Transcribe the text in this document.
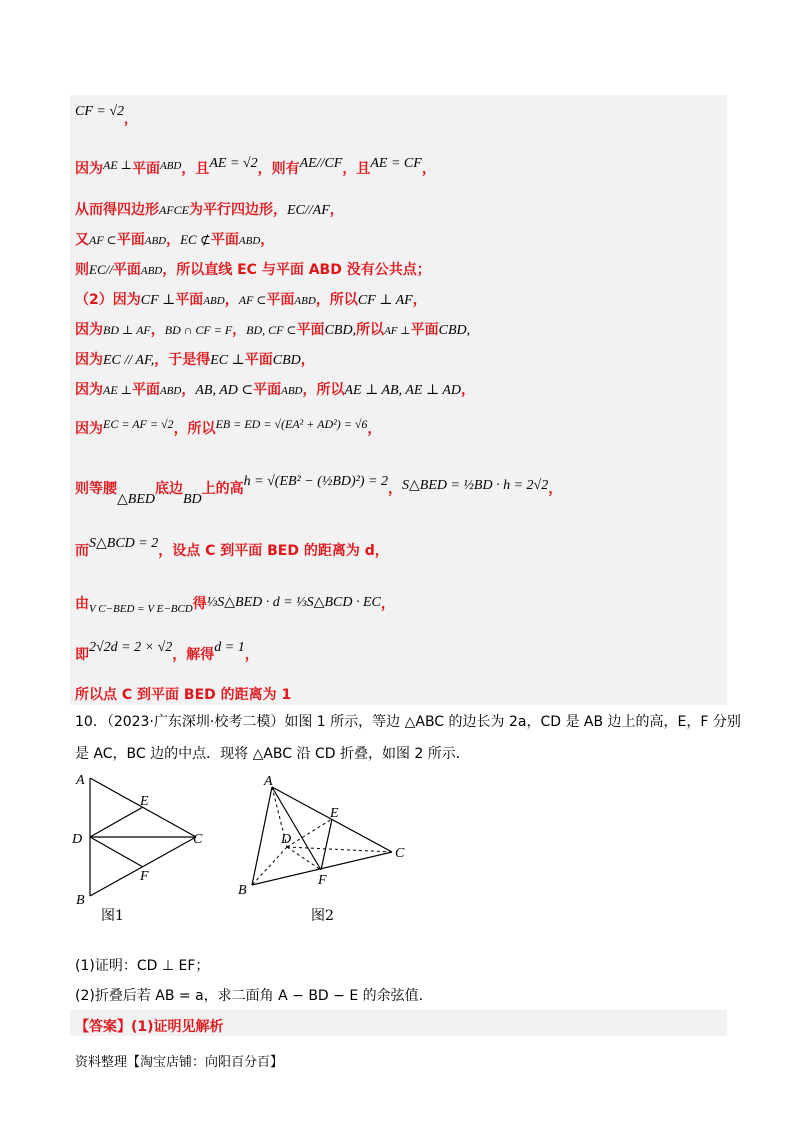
CF = $√2_,$
因为$^{AE \perp}$平面$^{ABD}$，且AE = √2，则有AE//CF，且AE = CF，
从而得四边形AFCE为平行四边形，EC//AF，
又AF ⊂平面ABD，EC ⊄平面ABD，
则EC//平面ABD，所以直线 EC 与平面 ABD 没有公共点；
（2）因为CF ⊥平面ABD，AF ⊂平面ABD，所以CF ⊥ AF，
因为BD ⊥ AF，BD ∩ CF = F，BD, CF ⊂平面CBD,所以AF ⊥平面CBD,
因为EC // AF,，于是得EC ⊥平面CBD，
因为AE ⊥平面ABD，AB, AD ⊂平面ABD，所以AE ⊥ AB, AE ⊥ AD，
因为$^{EC = AF = √2}$，所以$^{EB = ED = √(EA^2 + AD^2) = √6}$，
则等腰△BED底边BD上的高h = √(EB² − (½BD)²) = 2，S△BED = ½BD · h = 2√2，
而S△BCD = 2，设点 C 到平面 BED 的距离为 d，
由$_{V C-BED = V E-BCD}$得⅓S△BED · d = ⅓S△BCD · EC，
即2√2d = 2 × √2，解得d = 1，
所以点 C 到平面 BED 的距离为 1
10．（2023·广东深圳·校考二模）如图 1 所示，等边 △ABC 的边长为 2a，CD 是 AB 边上的高，E，F 分别
是 AC，BC 边的中点．现将 △ABC 沿 CD 折叠，如图 2 所示．
A
E
D	C
F
B
图1
A
E
D
C
F
B
图2
(1)证明：CD ⊥ EF；
(2)折叠后若 AB = a，求二面角 A − BD − E 的余弦值.
【答案】(1)证明见解析
资料整理【淘宝店铺：向阳百分百】
